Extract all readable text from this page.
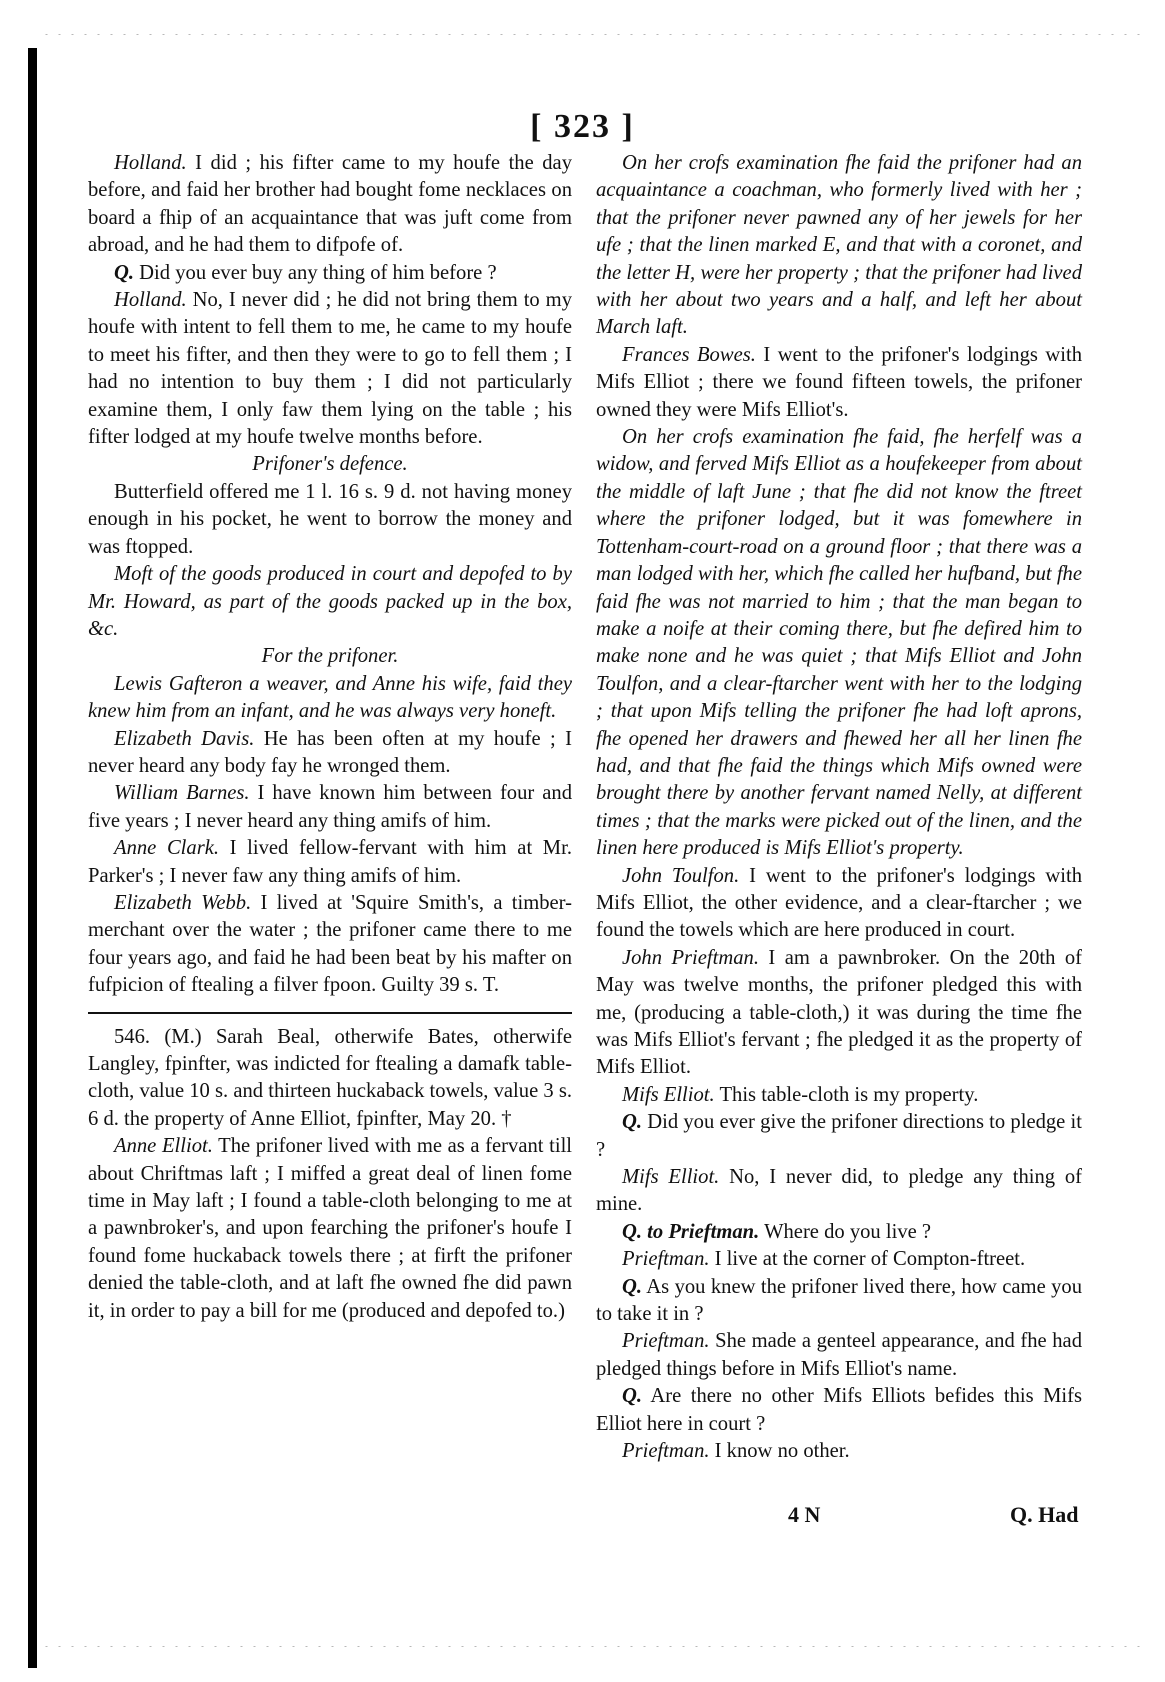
[ 323 ]

Holland. I did ; his fifter came to my houfe the day before, and faid her brother had bought fome necklaces on board a fhip of an acquaintance that was juft come from abroad, and he had them to difpofe of.

Q. Did you ever buy any thing of him before ?

Holland. No, I never did ; he did not bring them to my houfe with intent to fell them to me, he came to my houfe to meet his fifter, and then they were to go to fell them ; I had no intention to buy them ; I did not particularly examine them, I only faw them lying on the table ; his fifter lodged at my houfe twelve months before.

Prifoner's defence.

Butterfield offered me 1 l. 16 s. 9 d. not having money enough in his pocket, he went to borrow the money and was ftopped.

Moft of the goods produced in court and depofed to by Mr. Howard, as part of the goods packed up in the box, &c.

For the prifoner.

Lewis Gafteron a weaver, and Anne his wife, faid they knew him from an infant, and he was always very honeft.

Elizabeth Davis. He has been often at my houfe ; I never heard any body fay he wronged them.

William Barnes. I have known him between four and five years ; I never heard any thing amifs of him.

Anne Clark. I lived fellow-fervant with him at Mr. Parker's ; I never faw any thing amifs of him.

Elizabeth Webb. I lived at 'Squire Smith's, a timber-merchant over the water ; the prifoner came there to me four years ago, and faid he had been beat by his mafter on fufpicion of ftealing a filver fpoon. Guilty 39 s. T.

546. (M.) Sarah Beal, otherwife Bates, otherwife Langley, fpinfter, was indicted for ftealing a damafk table-cloth, value 10 s. and thirteen huckaback towels, value 3 s. 6 d. the property of Anne Elliot, fpinfter, May 20. †

Anne Elliot. The prifoner lived with me as a fervant till about Chriftmas laft ; I miffed a great deal of linen fome time in May laft ; I found a table-cloth belonging to me at a pawnbroker's, and upon fearching the prifoner's houfe I found fome huckaback towels there ; at firft the prifoner denied the table-cloth, and at laft fhe owned fhe did pawn it, in order to pay a bill for me (produced and depofed to.)

On her crofs examination fhe faid the prifoner had an acquaintance a coachman, who formerly lived with her ; that the prifoner never pawned any of her jewels for her ufe ; that the linen marked E, and that with a coronet, and the letter H, were her property ; that the prifoner had lived with her about two years and a half, and left her about March laft.

Frances Bowes. I went to the prifoner's lodgings with Mifs Elliot ; there we found fifteen towels, the prifoner owned they were Mifs Elliot's.

On her crofs examination fhe faid, fhe herfelf was a widow, and ferved Mifs Elliot as a houfekeeper from about the middle of laft June ; that fhe did not know the ftreet where the prifoner lodged, but it was fomewhere in Tottenham-court-road on a ground floor ; that there was a man lodged with her, which fhe called her hufband, but fhe faid fhe was not married to him ; that the man began to make a noife at their coming there, but fhe defired him to make none and he was quiet ; that Mifs Elliot and John Toulfon, and a clear-ftarcher went with her to the lodging ; that upon Mifs telling the prifoner fhe had loft aprons, fhe opened her drawers and fhewed her all her linen fhe had, and that fhe faid the things which Mifs owned were brought there by another fervant named Nelly, at different times ; that the marks were picked out of the linen, and the linen here produced is Mifs Elliot's property.

John Toulfon. I went to the prifoner's lodgings with Mifs Elliot, the other evidence, and a clear-ftarcher ; we found the towels which are here produced in court.

John Prieftman. I am a pawnbroker. On the 20th of May was twelve months, the prifoner pledged this with me, (producing a table-cloth,) it was during the time fhe was Mifs Elliot's fervant ; fhe pledged it as the property of Mifs Elliot.

Mifs Elliot. This table-cloth is my property.

Q. Did you ever give the prifoner directions to pledge it ?

Mifs Elliot. No, I never did, to pledge any thing of mine.

Q. to Prieftman. Where do you live ?

Prieftman. I live at the corner of Compton-ftreet.

Q. As you knew the prifoner lived there, how came you to take it in ?

Prieftman. She made a genteel appearance, and fhe had pledged things before in Mifs Elliot's name.

Q. Are there no other Mifs Elliots befides this Mifs Elliot here in court ?

Prieftman. I know no other.

4 N	Q. Had
